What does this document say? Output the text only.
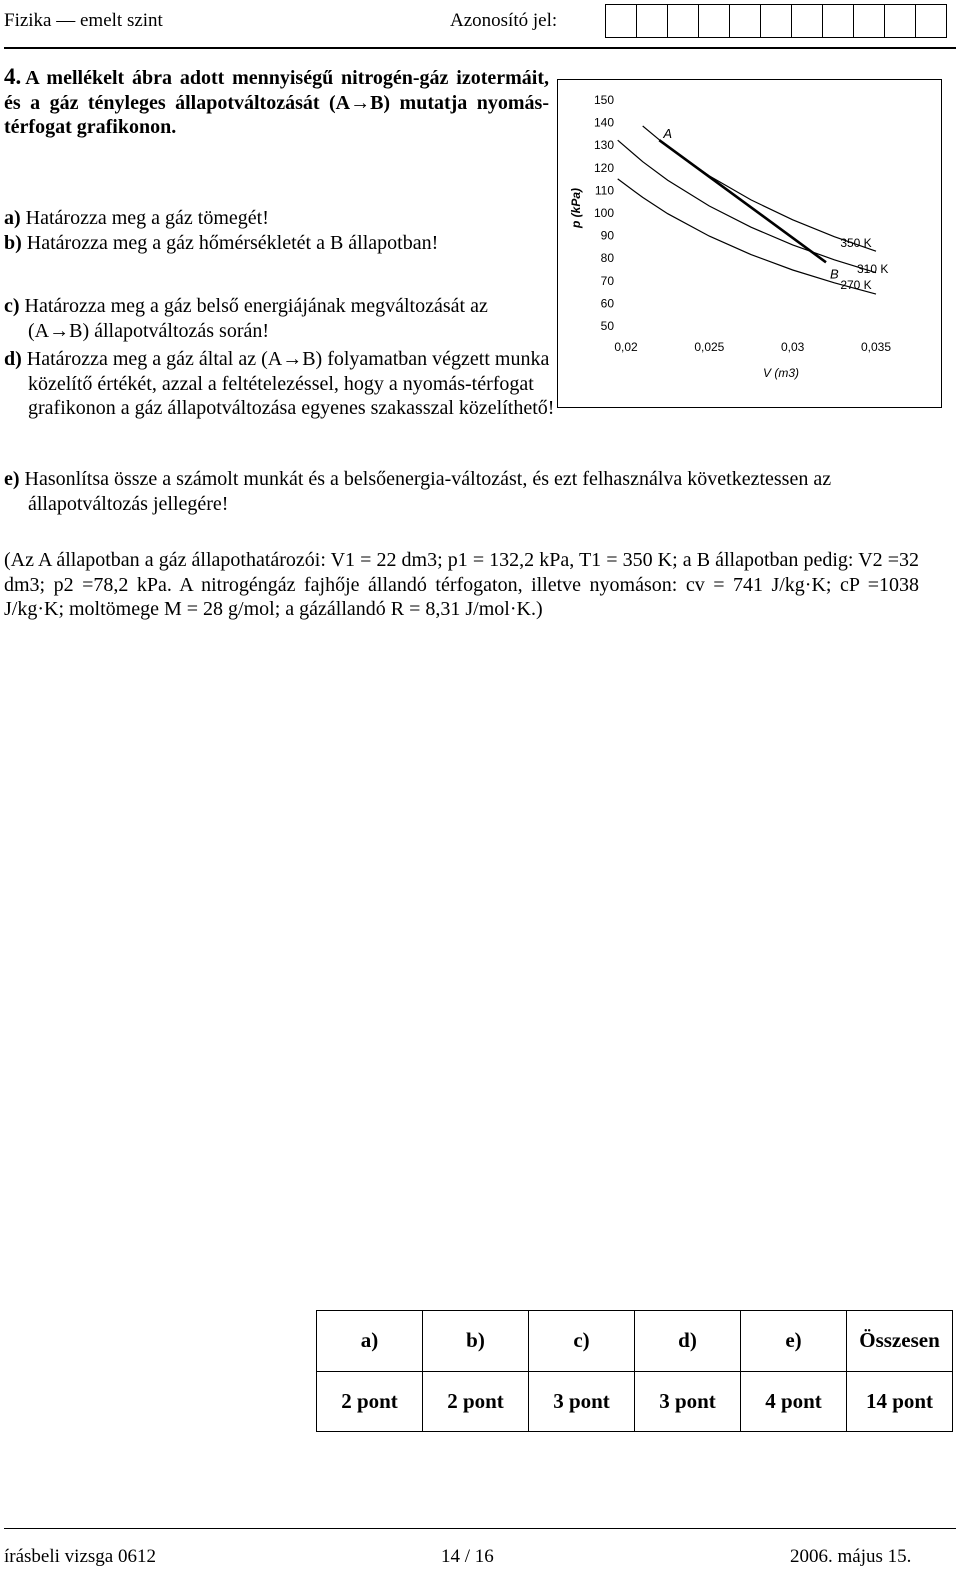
Fizika — emelt szint	Azonosító jel:
4. A mellékelt ábra adott mennyiségű nitrogén-gáz izotermáit, és a gáz tényleges állapotváltozását (A→B) mutatja nyomás-térfogat grafikonon.
a) Határozza meg a gáz tömegét!
b) Határozza meg a gáz hőmérsékletét a B állapotban!
c) Határozza meg a gáz belső energiájának megváltozását az (A→B) állapotváltozás során!
d) Határozza meg a gáz által az (A→B) folyamatban végzett munka közelítő értékét, azzal a feltételezéssel, hogy a nyomás-térfogat grafikonon a gáz állapotváltozása egyenes szakasszal közelíthető!
e) Hasonlítsa össze a számolt munkát és a belsőenergia-változást, és ezt felhasználva következtessen az állapotváltozás jellegére!
(Az A állapotban a gáz állapothatározói: V1 = 22 dm3; p1 = 132,2 kPa, T1 = 350 K; a B állapotban pedig: V2 =32 dm3; p2 =78,2 kPa. A nitrogéngáz fajhője állandó térfogaton, illetve nyomáson: cv = 741 J/kg·K; cP =1038 J/kg·K; moltömege M = 28 g/mol; a gázállandó R = 8,31 J/mol·K.)
50
60
70
80
90
100
110
120
130
140
150
0,02	0,025	0,03	0,035
p (kPa)
V (m3)
350 K
310 K
270 K
A
B
a)	b)	c)	d)	e)	Összesen
2 pont	2 pont	3 pont	3 pont	4 pont	14 pont
írásbeli vizsga 0612	14 / 16	2006. május 15.
